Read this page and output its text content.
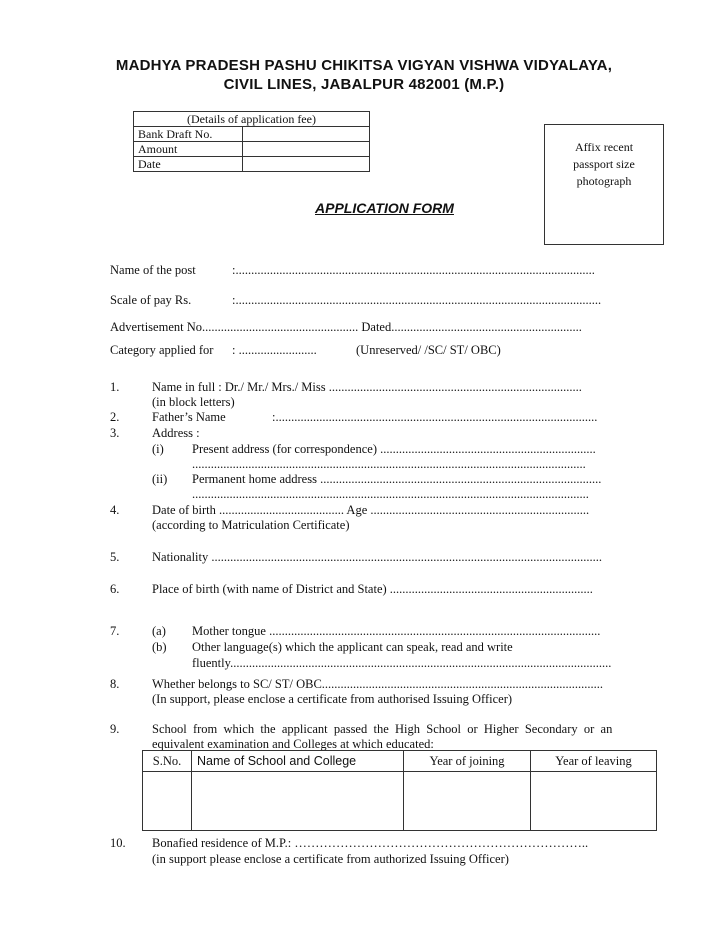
MADHYA PRADESH PASHU CHIKITSA VIGYAN VISHWA VIDYALAYA,
CIVIL LINES, JABALPUR 482001 (M.P.)
(Details of application fee)	
Bank Draft No.	
Amount	
Date	
Affix recent
passport size
photograph
APPLICATION FORM
Name of the post	:...................................................................................................................
Scale of pay Rs.	:.....................................................................................................................
Advertisement No.................................................. Dated.............................................................
Category applied for : .........................	(Unreserved/ /SC/ ST/ OBC)
1.	Name in full : Dr./ Mr./ Mrs./ Miss .................................................................................
(in block letters)
2.	Father’s Name	:.......................................................................................................
3.	Address :
(i) Present address (for correspondence) .....................................................................
..............................................................................................................................
(ii) Permanent home address ..........................................................................................
...............................................................................................................................
4.	Date of birth ........................................ Age ......................................................................
(according to Matriculation Certificate)
5.	Nationality .............................................................................................................................
6.	Place of birth (with name of District and State) .................................................................
7.	(a) Mother tongue ..........................................................................................................
(b) Other language(s) which the applicant can speak, read and write
fluently..........................................................................................................................
8.	Whether belongs to SC/ ST/ OBC..........................................................................................
(In support, please enclose a certificate from authorised Issuing Officer)
9.	School  from  which  the  applicant  passed  the  High  School  or  Higher  Secondary  or  an
equivalent examination and Colleges at which educated:
S.No.	Name of School and College	Year of joining	Year of leaving

10. Bonafied residence of M.P.: ……………………………………………………………..
(in support please enclose a certificate from authorized Issuing Officer)
